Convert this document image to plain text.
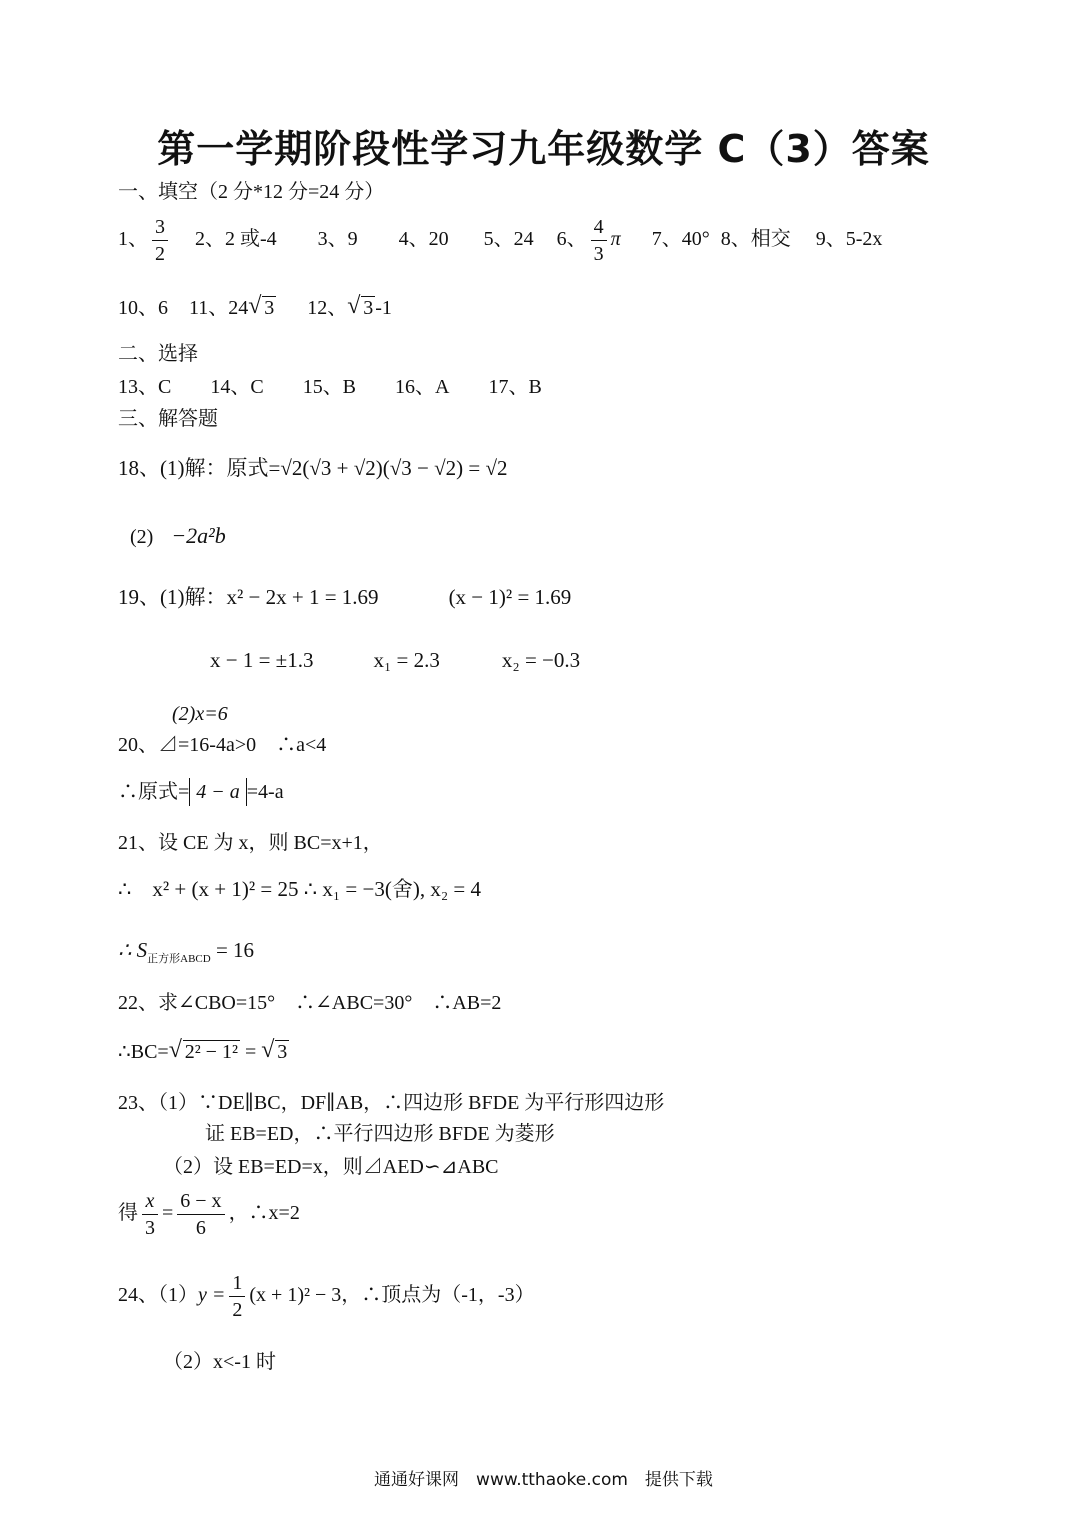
第一学期阶段性学习九年级数学 C（3）答案
一、填空（2 分*12 分=24 分）
1、 $\frac{3}{2} 2$、2 或-4 3、9 4、20 5、24 6、 $\frac{4}{3}$ π 7、40° 8、相交 9、5-2x
10、6 11、24 √ 3 12、 √ 3 -1
二、选择
13、C 14、C 15、B 16、A 17、B
三、解答题
18、(1)解：原式=√2(√3 + √2)(√3 − √2) = √2
(2) −2a²b
19、(1)解：x² − 2x + 1 = 1.69	(x − 1)² = 1.69
x − 1 = ±1.3	x₁ = 2.3	x₂ = −0.3
(2)x=6
20、⊿=16-4a>0　∴a<4
∴原式= 4 − a =4-a
21、设 CE 为 x，则 BC=x+1，
∴　x² + (x + 1)² = 25 ∴ x₁ = −3(舍), x₂ = 4
∴ $S_{正方形ABCD} = 16$
22、求∠CBO=15°　∴∠ABC=30°　∴AB=2
∴BC= √ 2² − 1² = √ 3
23、（1）∵DE∥BC，DF∥AB，∴四边形 BFDE 为平行形四边形
证 EB=ED，∴平行四边形 BFDE 为菱形
（2）设 EB=ED=x，则⊿AED∽⊿ABC
得 $\frac{x}{3} = \frac{6 - x}{6}$ ，∴x=2
24、$(1)y = \frac{1}{2} (x + 1)^2 - 3$，∴顶点为（-1，-3）
（2）x<-1 时
通通好课网　www.tthaoke.com　提供下载
